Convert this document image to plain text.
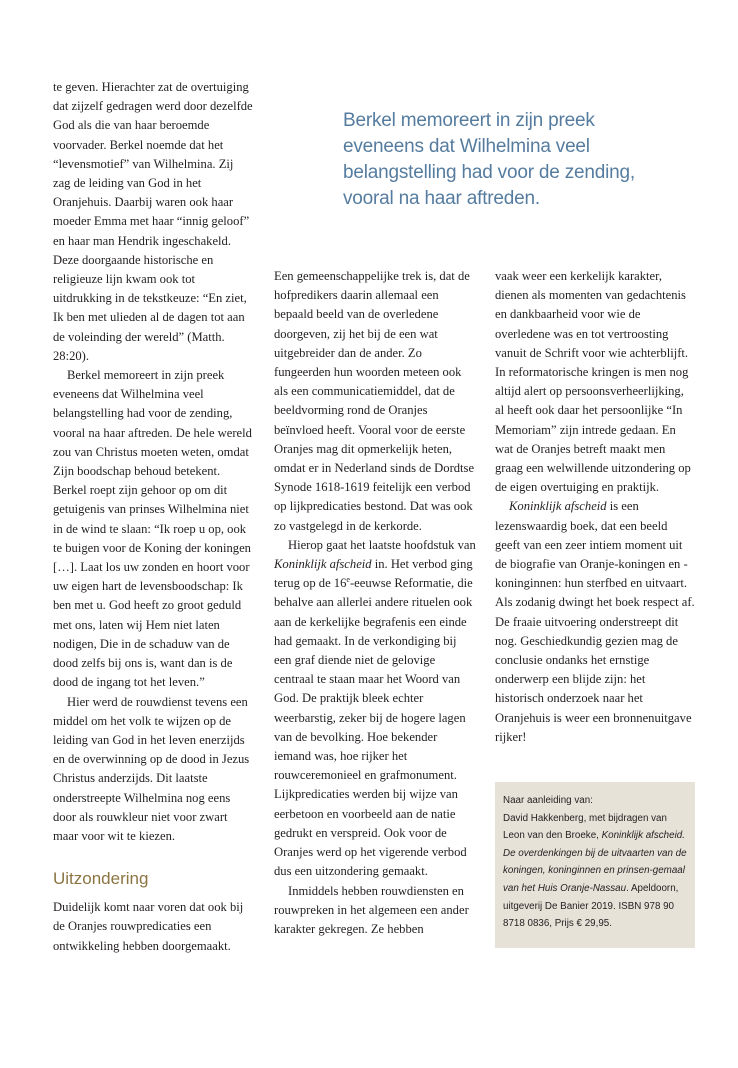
te geven. Hierachter zat de overtuiging dat zijzelf gedragen werd door dezelfde God als die van haar beroemde voorvader. Berkel noemde dat het “levensmotief” van Wilhelmina. Zij zag de leiding van God in het Oranjehuis. Daarbij waren ook haar moeder Emma met haar “innig geloof” en haar man Hendrik ingeschakeld. Deze doorgaande historische en religieuze lijn kwam ook tot uitdrukking in de tekstkeuze: “En ziet, Ik ben met ulieden al de dagen tot aan de voleinding der wereld” (Matth. 28:20).

Berkel memoreert in zijn preek eveneens dat Wilhelmina veel belangstelling had voor de zending, vooral na haar aftreden. De hele wereld zou van Christus moeten weten, omdat Zijn boodschap behoud betekent. Berkel roept zijn gehoor op om dit getuigenis van prinses Wilhelmina niet in de wind te slaan: “Ik roep u op, ook te buigen voor de Koning der koningen […]. Laat los uw zonden en hoort voor uw eigen hart de levensboodschap: Ik ben met u. God heeft zo groot geduld met ons, laten wij Hem niet laten nodigen, Die in de schaduw van de dood zelfs bij ons is, want dan is de dood de ingang tot het leven.”

Hier werd de rouwdienst tevens een middel om het volk te wijzen op de leiding van God in het leven enerzijds en de overwinning op de dood in Jezus Christus anderzijds. Dit laatste onderstreepte Wilhelmina nog eens door als rouwkleur niet voor zwart maar voor wit te kiezen.

Uitzondering

Duidelijk komt naar voren dat ook bij de Oranjes rouwpredicaties een ontwikkeling hebben doorgemaakt.

Berkel memoreert in zijn preek eveneens dat Wilhelmina veel belangstelling had voor de zending, vooral na haar aftreden.

Een gemeenschappelijke trek is, dat de hofpredikers daarin allemaal een bepaald beeld van de overledene doorgeven, zij het bij de een wat uitgebreider dan de ander. Zo fungeerden hun woorden meteen ook als een communicatiemiddel, dat de beeldvorming rond de Oranjes beïnvloed heeft. Vooral voor de eerste Oranjes mag dit opmerkelijk heten, omdat er in Nederland sinds de Dordtse Synode 1618-1619 feitelijk een verbod op lijkpredicaties bestond. Dat was ook zo vastgelegd in de kerkorde.

Hierop gaat het laatste hoofdstuk van Koninklijk afscheid in. Het verbod ging terug op de 16e-eeuwse Reformatie, die behalve aan allerlei andere rituelen ook aan de kerkelijke begrafenis een einde had gemaakt. In de verkondiging bij een graf diende niet de gelovige centraal te staan maar het Woord van God. De praktijk bleek echter weerbarstig, zeker bij de hogere lagen van de bevolking. Hoe bekender iemand was, hoe rijker het rouwceremonieel en grafmonument. Lijkpredicaties werden bij wijze van eerbetoon en voorbeeld aan de natie gedrukt en verspreid. Ook voor de Oranjes werd op het vigerende verbod dus een uitzondering gemaakt.

Inmiddels hebben rouwdiensten en rouwpreken in het algemeen een ander karakter gekregen. Ze hebben

vaak weer een kerkelijk karakter, dienen als momenten van gedachtenis en dankbaarheid voor wie de overledene was en tot vertroosting vanuit de Schrift voor wie achterblijft. In reformatorische kringen is men nog altijd alert op persoonsverheerlijking, al heeft ook daar het persoonlijke “In Memoriam” zijn intrede gedaan. En wat de Oranjes betreft maakt men graag een welwillende uitzondering op de eigen overtuiging en praktijk.

Koninklijk afscheid is een lezenswaardig boek, dat een beeld geeft van een zeer intiem moment uit de biografie van Oranje-koningen en -koninginnen: hun sterfbed en uitvaart. Als zodanig dwingt het boek respect af. De fraaie uitvoering onderstreept dit nog. Geschiedkundig gezien mag de conclusie ondanks het ernstige onderwerp een blijde zijn: het historisch onderzoek naar het Oranjehuis is weer een bronnenuitgave rijker!

Naar aanleiding van:

David Hakkenberg, met bijdragen van Leon van den Broeke, Koninklijk afscheid. De overdenkingen bij de uitvaarten van de koningen, koninginnen en prinsen-gemaal van het Huis Oranje-Nassau. Apeldoorn, uitgeverij De Banier 2019. ISBN 978 90 8718 0836, Prijs € 29,95.
